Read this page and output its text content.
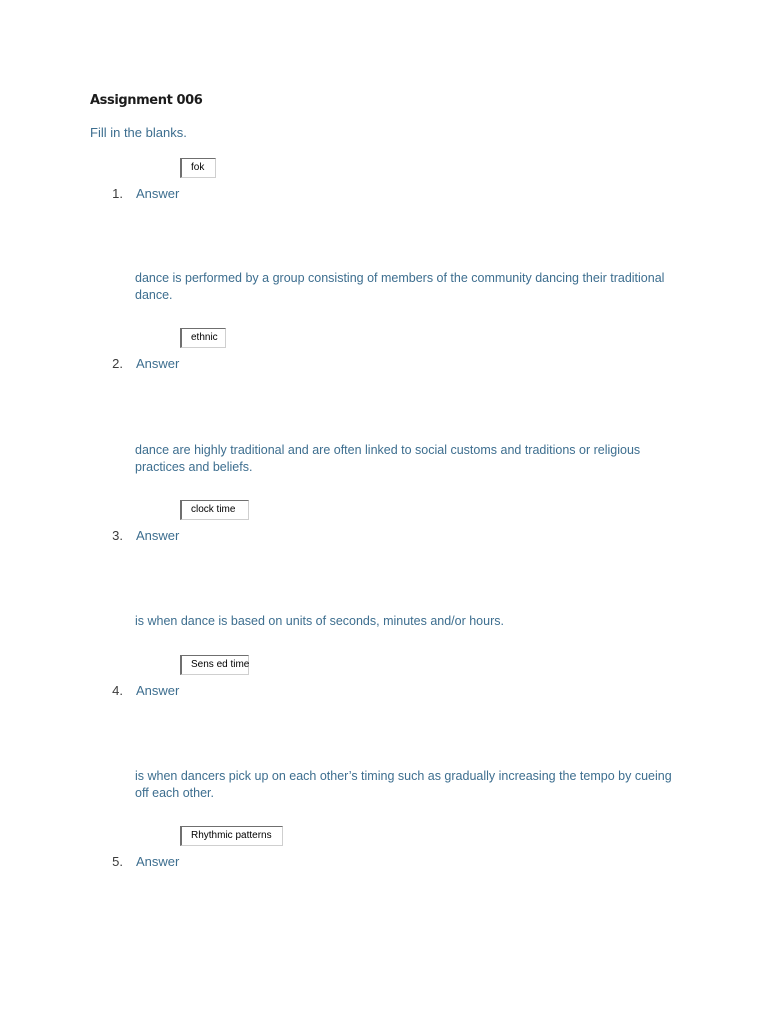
Assignment 006
Fill in the blanks.
fok
1. Answer
dance is performed by a group consisting of members of the community dancing their traditional dance.
ethnic
2. Answer
dance are highly traditional and are often linked to social customs and traditions or religious practices and beliefs.
clock time
3. Answer
is when dance is based on units of seconds, minutes and/or hours.
Sens ed time
4. Answer
is when dancers pick up on each other’s timing such as gradually increasing the tempo by cueing off each other.
Rhythmic patterns
5. Answer
